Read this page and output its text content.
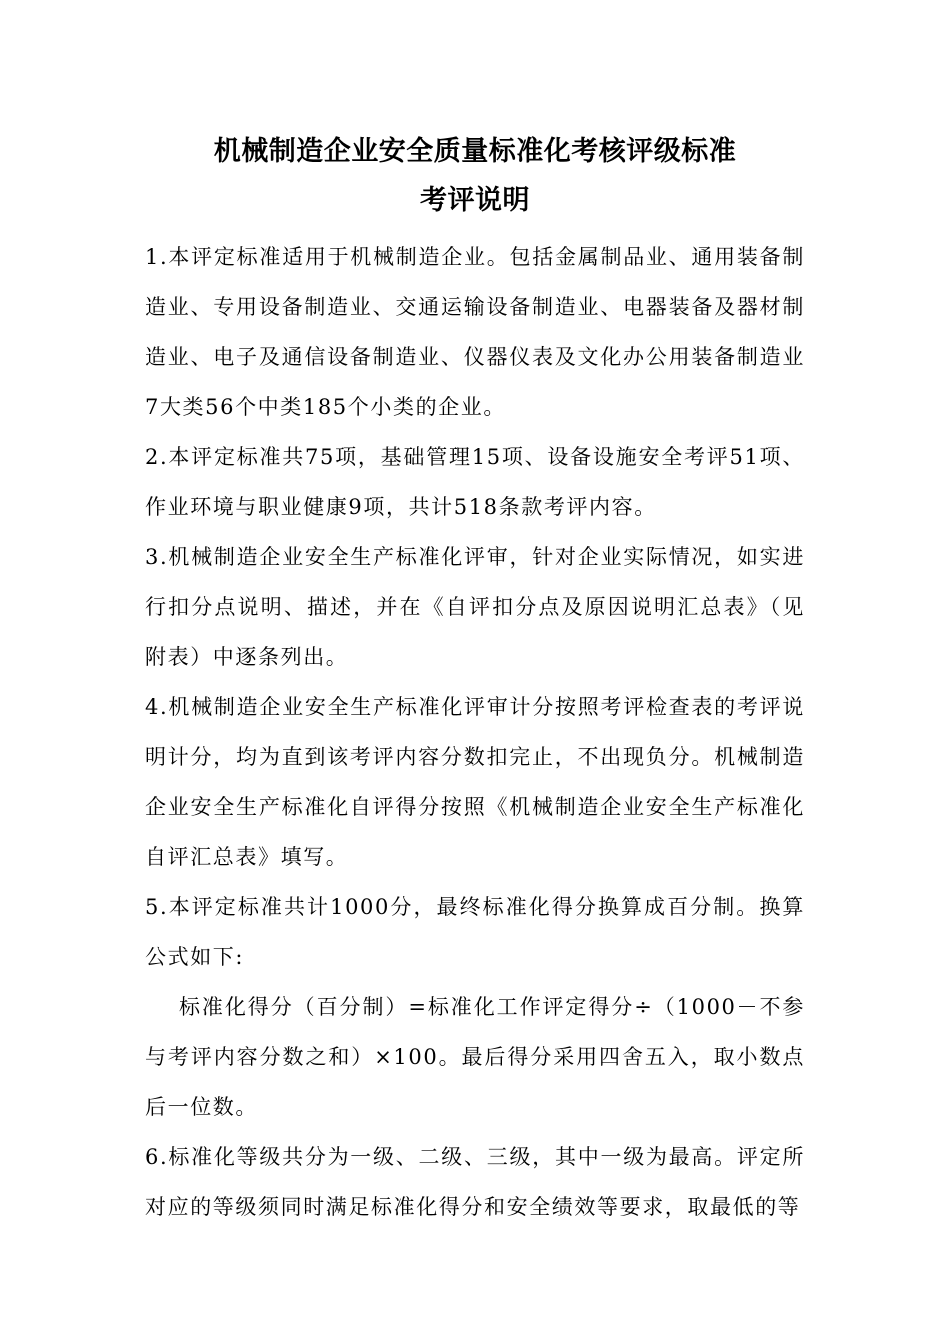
机械制造企业安全质量标准化考核评级标准
考评说明

1.本评定标准适用于机械制造企业。包括金属制品业、通用装备制造业、专用设备制造业、交通运输设备制造业、电器装备及器材制造业、电子及通信设备制造业、仪器仪表及文化办公用装备制造业7大类56个中类185个小类的企业。

2.本评定标准共75项，基础管理15项、设备设施安全考评51项、作业环境与职业健康9项，共计518条款考评内容。

3.机械制造企业安全生产标准化评审，针对企业实际情况，如实进行扣分点说明、描述，并在《自评扣分点及原因说明汇总表》（见附表）中逐条列出。

4.机械制造企业安全生产标准化评审计分按照考评检查表的考评说明计分，均为直到该考评内容分数扣完止，不出现负分。机械制造企业安全生产标准化自评得分按照《机械制造企业安全生产标准化自评汇总表》填写。

5.本评定标准共计1000分，最终标准化得分换算成百分制。换算公式如下:

标准化得分（百分制）=标准化工作评定得分÷（1000－不参与考评内容分数之和）×100。最后得分采用四舍五入，取小数点后一位数。

6.标准化等级共分为一级、二级、三级，其中一级为最高。评定所对应的等级须同时满足标准化得分和安全绩效等要求，取最低的等
